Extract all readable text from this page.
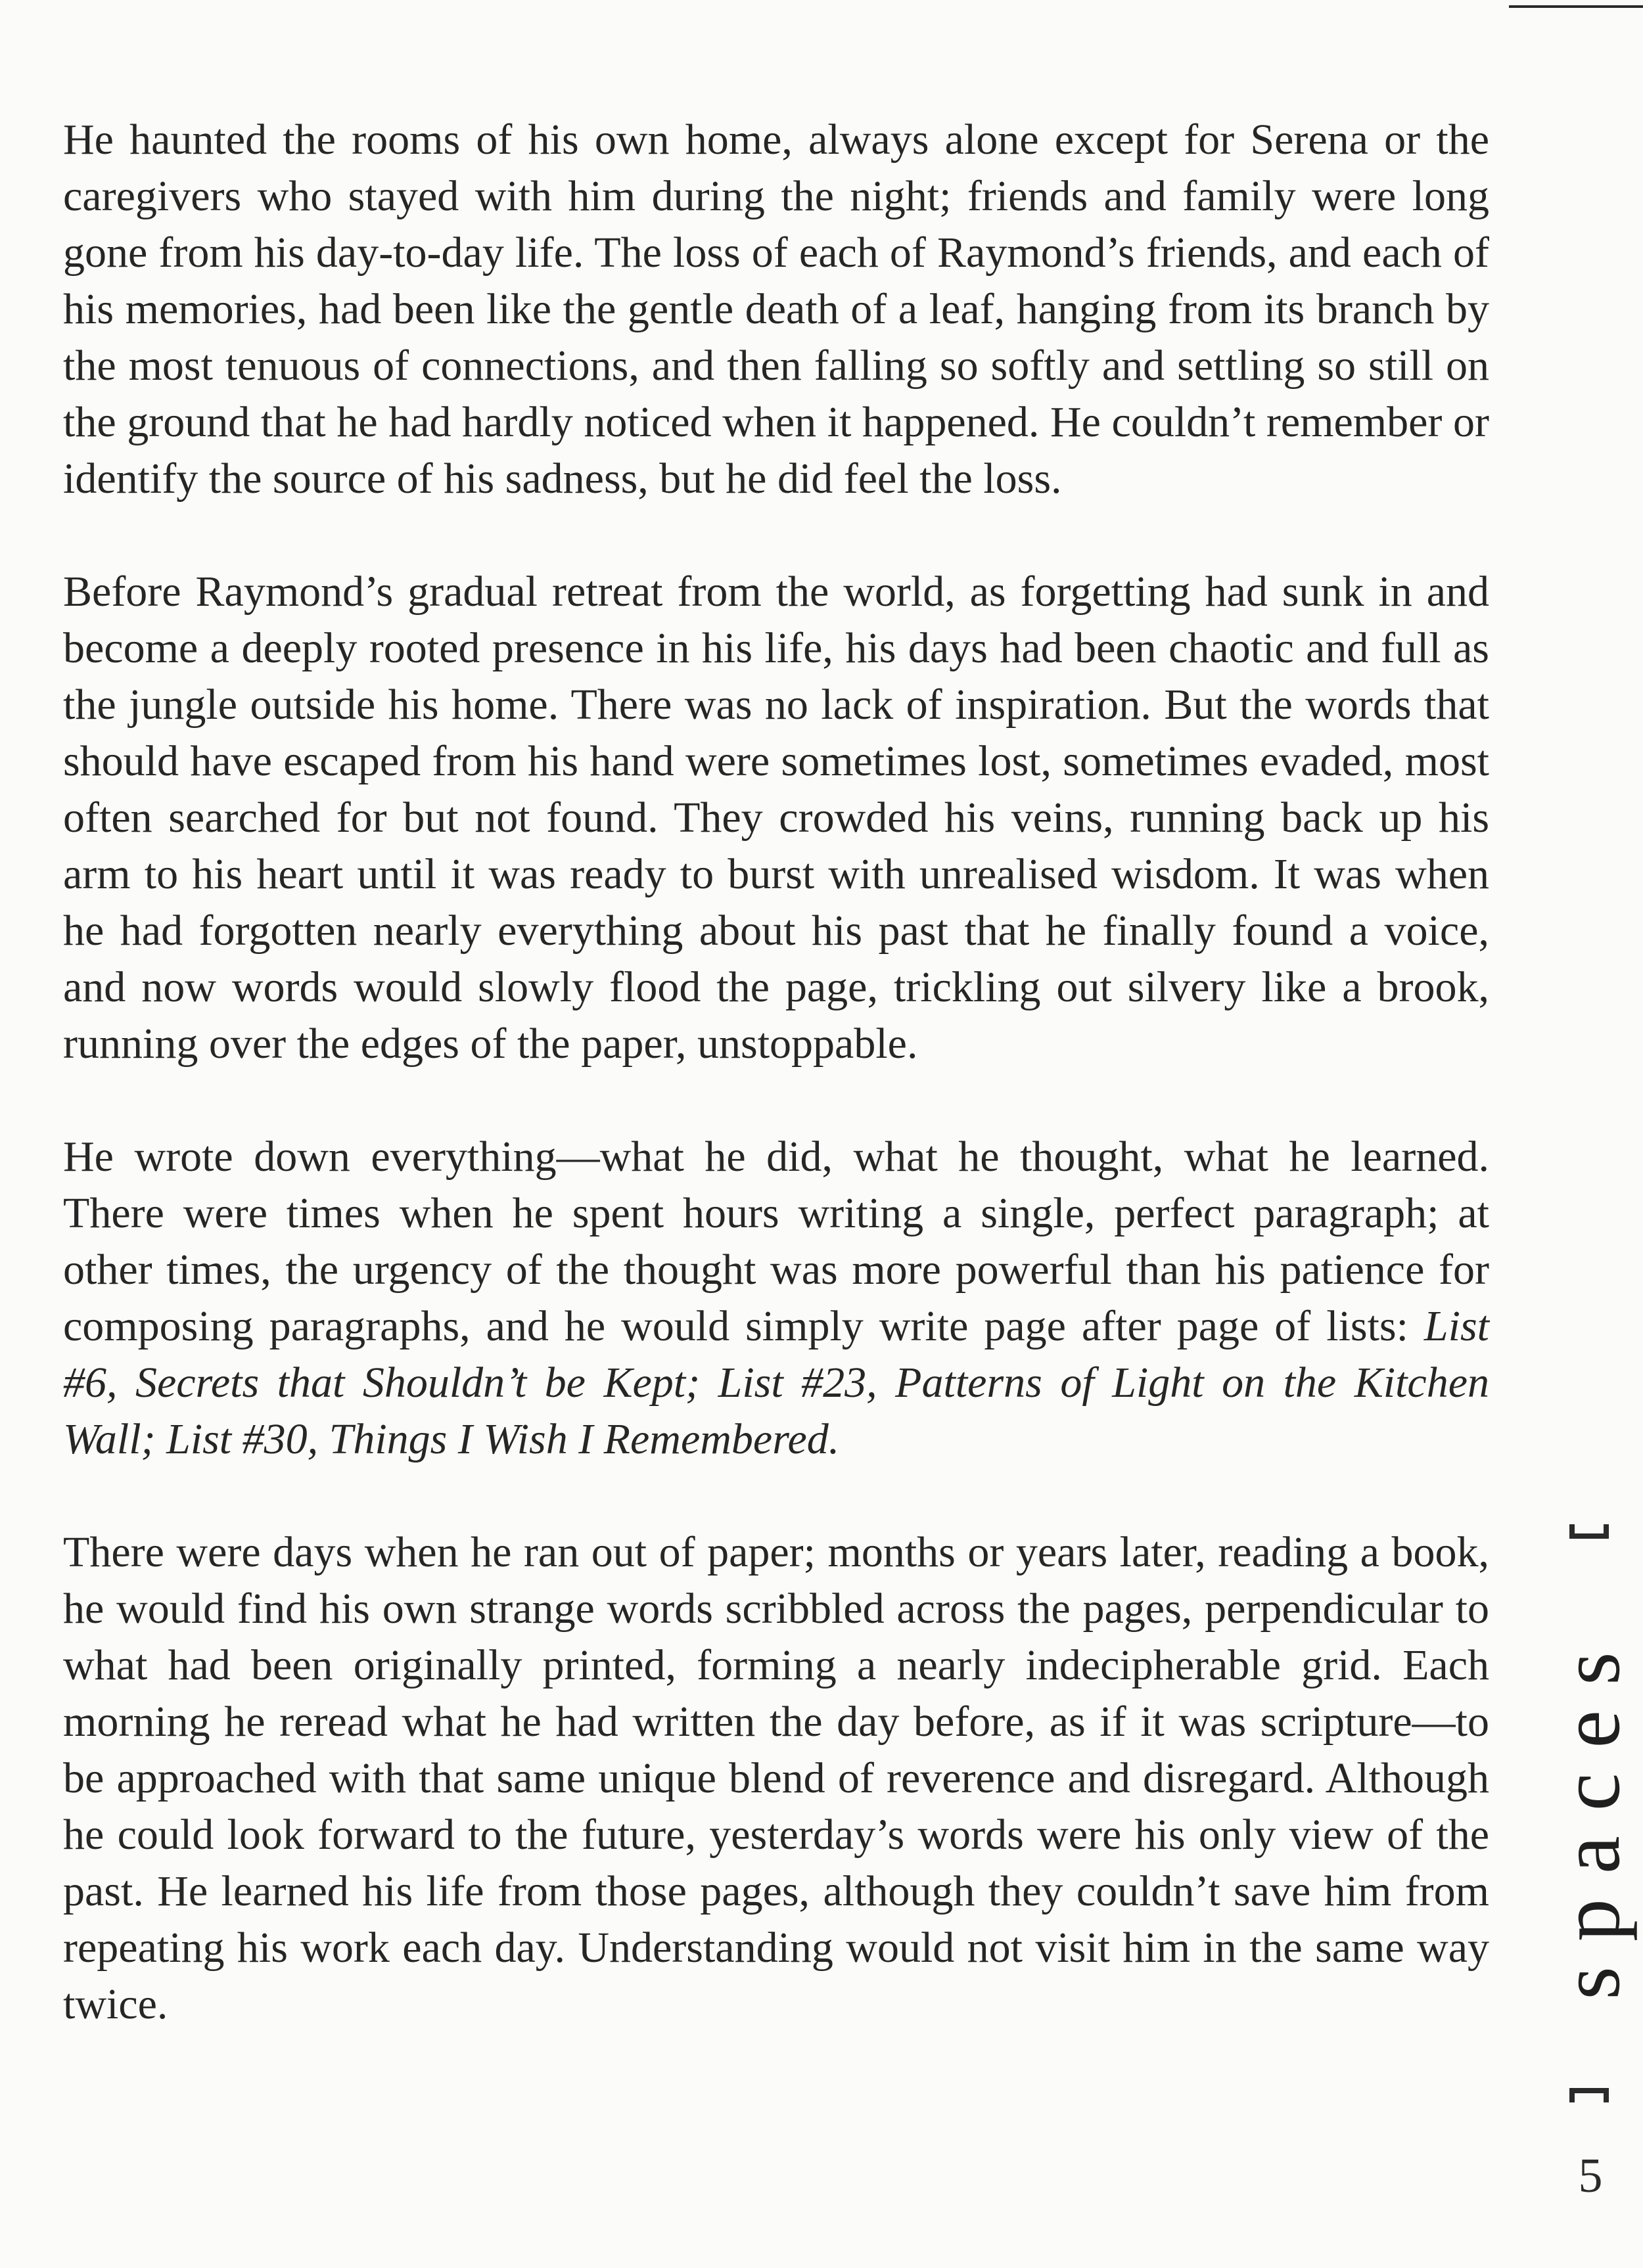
He haunted the rooms of his own home, always alone except for Serena or the caregivers who stayed with him during the night; friends and family were long gone from his day-to-day life. The loss of each of Raymond’s friends, and each of his memories, had been like the gentle death of a leaf, hanging from its branch by the most tenuous of connections, and then falling so softly and settling so still on the ground that he had hardly noticed when it happened. He couldn’t remember or identify the source of his sadness, but he did feel the loss.

Before Raymond’s gradual retreat from the world, as forgetting had sunk in and become a deeply rooted presence in his life, his days had been chaotic and full as the jungle outside his home. There was no lack of inspiration. But the words that should have escaped from his hand were sometimes lost, sometimes evaded, most often searched for but not found. They crowded his veins, running back up his arm to his heart until it was ready to burst with unrealised wisdom. It was when he had forgotten nearly everything about his past that he finally found a voice, and now words would slowly flood the page, trickling out silvery like a brook, running over the edges of the paper, unstoppable.

He wrote down everything—what he did, what he thought, what he learned. There were times when he spent hours writing a single, perfect paragraph; at other times, the urgency of the thought was more powerful than his patience for composing paragraphs, and he would simply write page after page of lists: List #6, Secrets that Shouldn’t be Kept; List #23, Patterns of Light on the Kitchen Wall; List #30, Things I Wish I Remembered.

There were days when he ran out of paper; months or years later, reading a book, he would find his own strange words scribbled across the pages, perpendicular to what had been originally printed, forming a nearly indecipherable grid. Each morning he reread what he had written the day before, as if it was scripture—to be approached with that same unique blend of reverence and disregard. Although he could look forward to the future, yesterday’s words were his only view of the past. He learned his life from those pages, although they couldn’t save him from repeating his work each day. Understanding would not visit him in the same way twice.

spaces
5
